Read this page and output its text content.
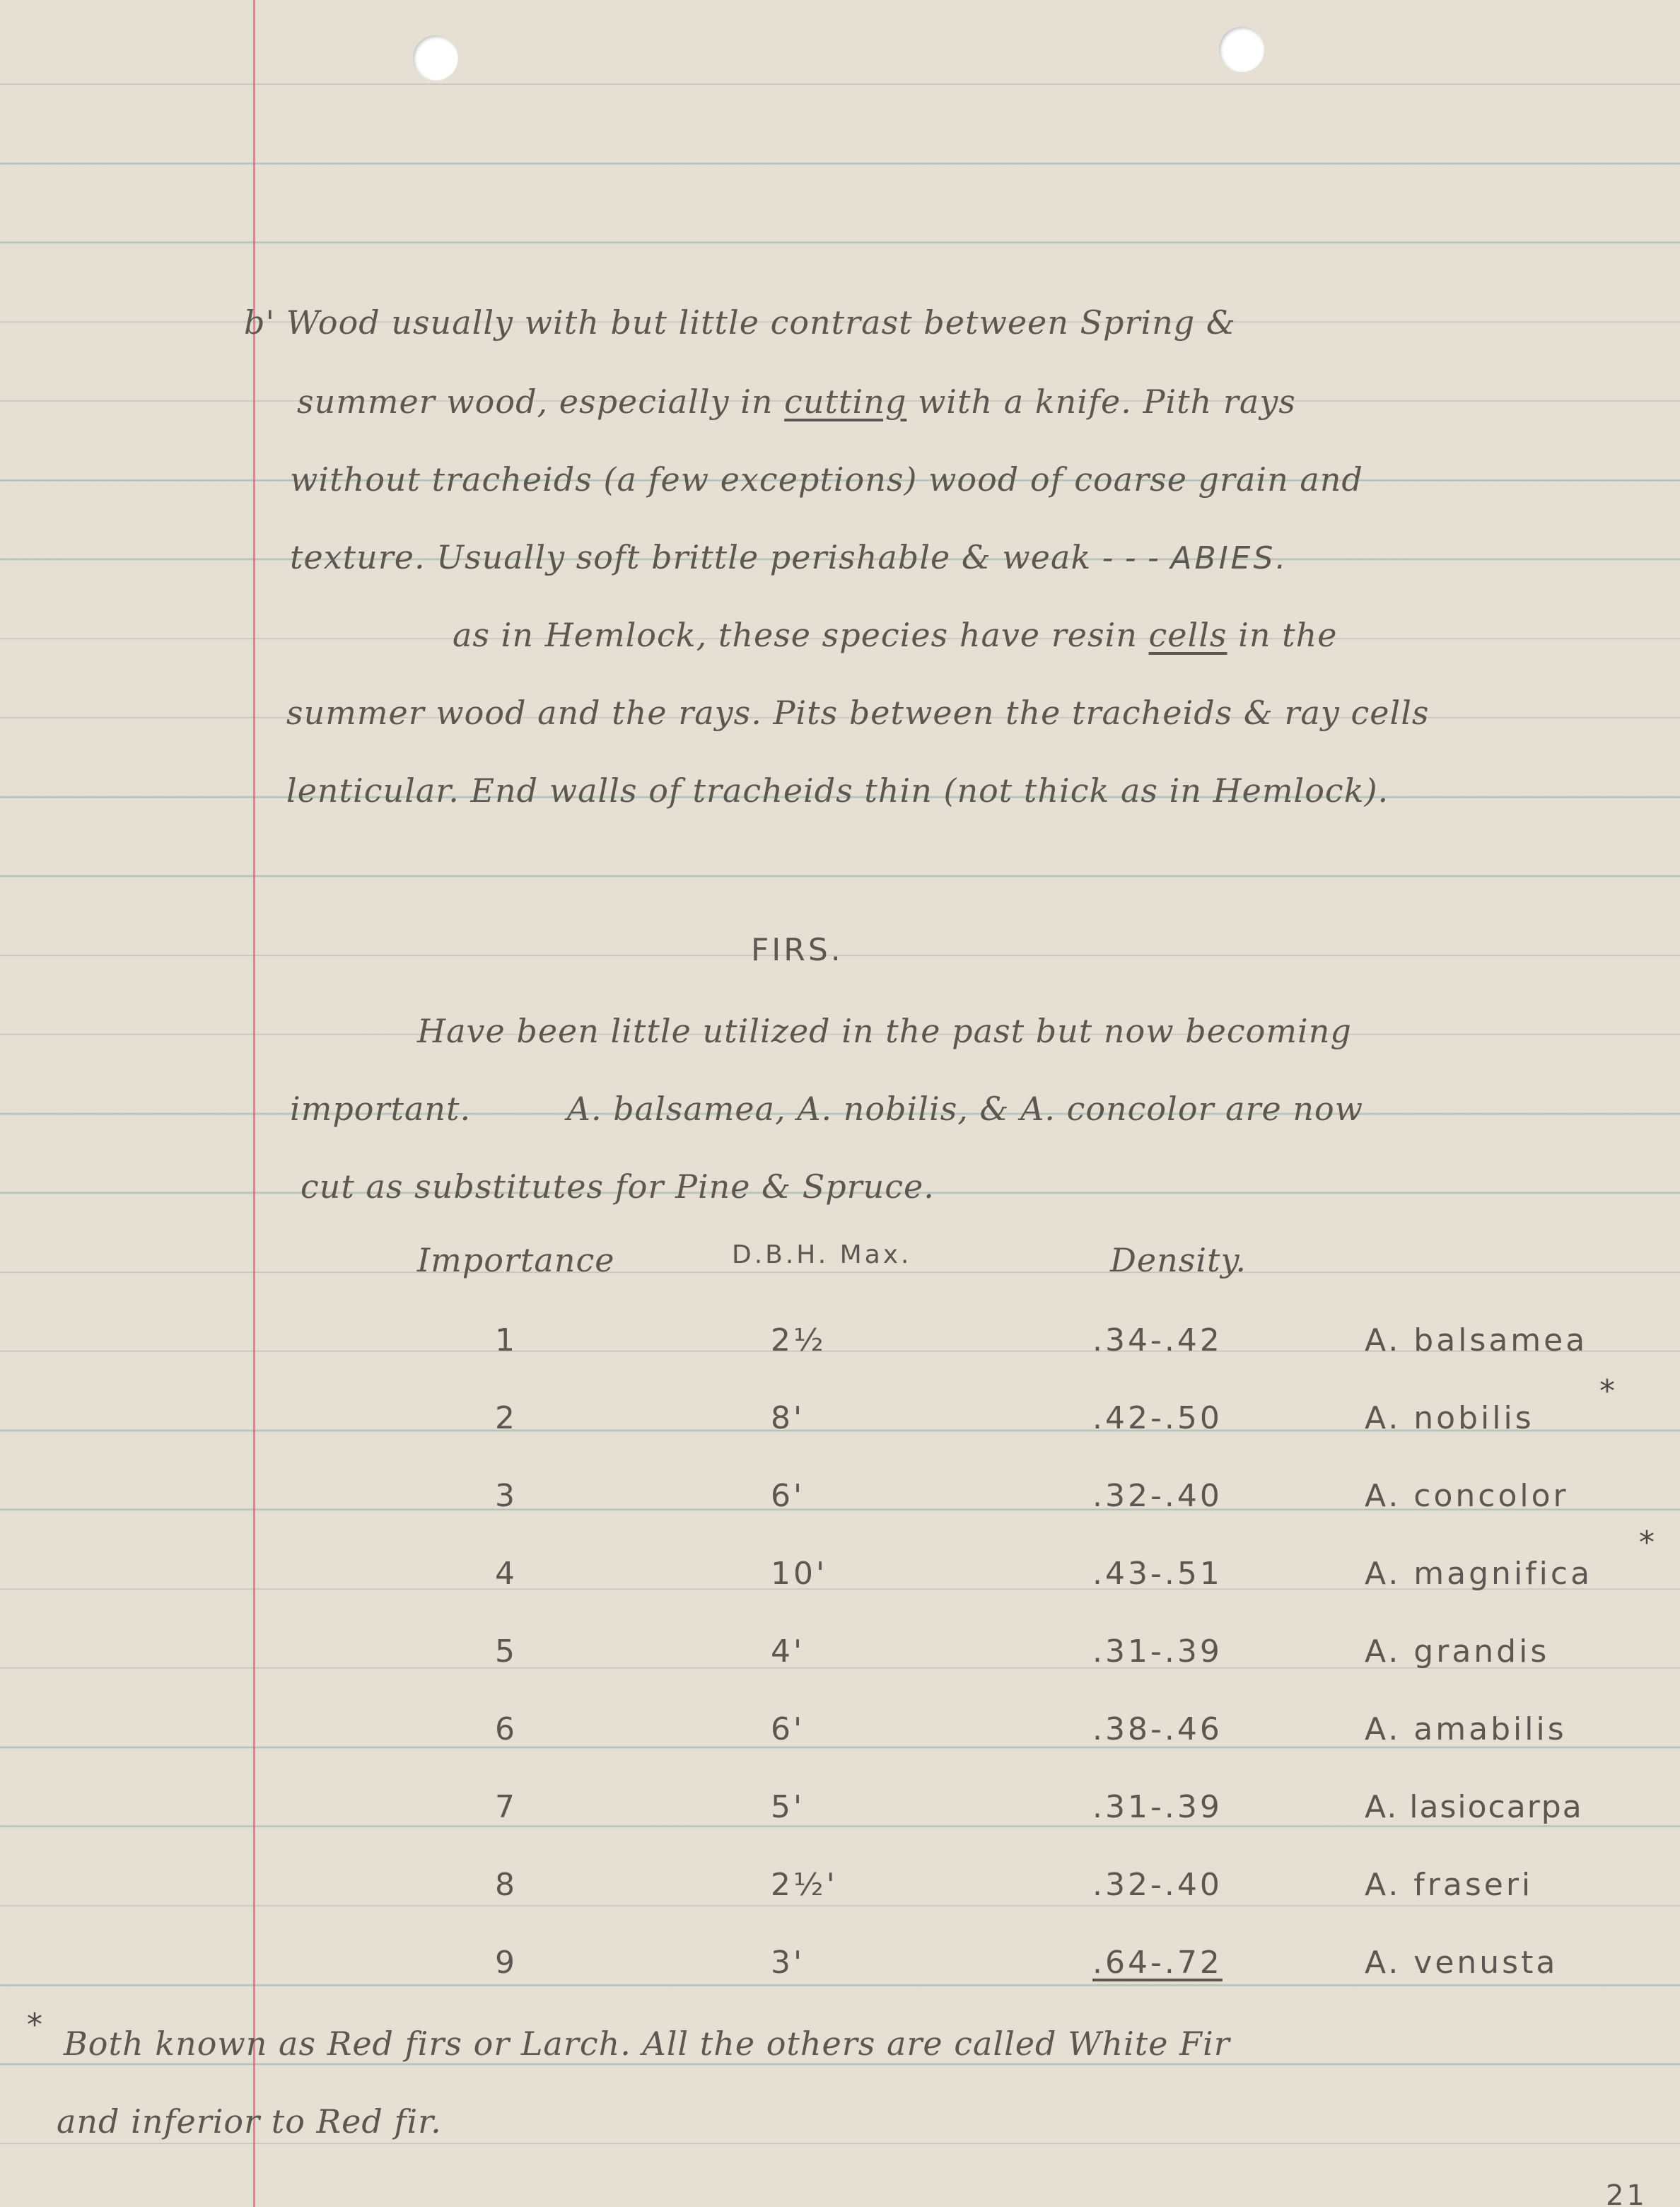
b' Wood usually with but little contrast between Spring &
summer wood, especially in cutting with a knife. Pith rays
without tracheids (a few exceptions) wood of coarse grain and
texture. Usually soft brittle perishable & weak - - - ABIES.
as in Hemlock, these species have resin cells in the
summer wood and the rays. Pits between the tracheids & ray cells
lenticular. End walls of tracheids thin (not thick as in Hemlock).
FIRS.
Have been little utilized in the past but now becoming
important.	A. balsamea, A. nobilis, & A. concolor are now
cut as substitutes for Pine & Spruce.
Importance	D.B.H. Max.	Density.
1	2½	.34-.42	A. balsamea
2	8'	.42-.50	A. nobilis
*
3	6'	.32-.40	A. concolor
4	10'	.43-.51	A. magnifica
*
5	4'	.31-.39	A. grandis
6	6'	.38-.46	A. amabilis
7	5'	.31-.39	A. lasiocarpa
8	2½'	.32-.40	A. fraseri
9	3'	.64-.72	A. venusta
* Both known as Red firs or Larch. All the others are called White Fir
and inferior to Red fir.
21
